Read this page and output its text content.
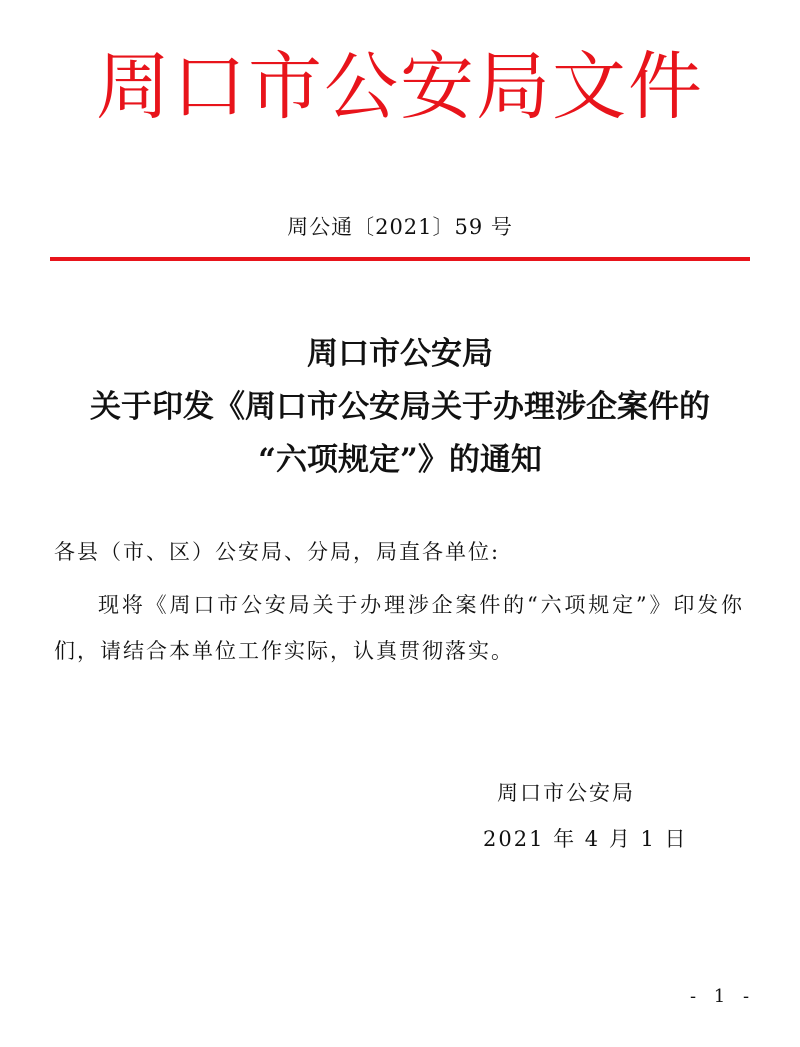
周口市公安局文件
周公通〔2021〕59 号
周口市公安局
关于印发《周口市公安局关于办理涉企案件的
“六项规定”》的通知
各县（市、区）公安局、分局，局直各单位:
现将《周口市公安局关于办理涉企案件的“六项规定”》印发你们，请结合本单位工作实际，认真贯彻落实。
周口市公安局
2021 年 4 月 1 日
- 1 -
